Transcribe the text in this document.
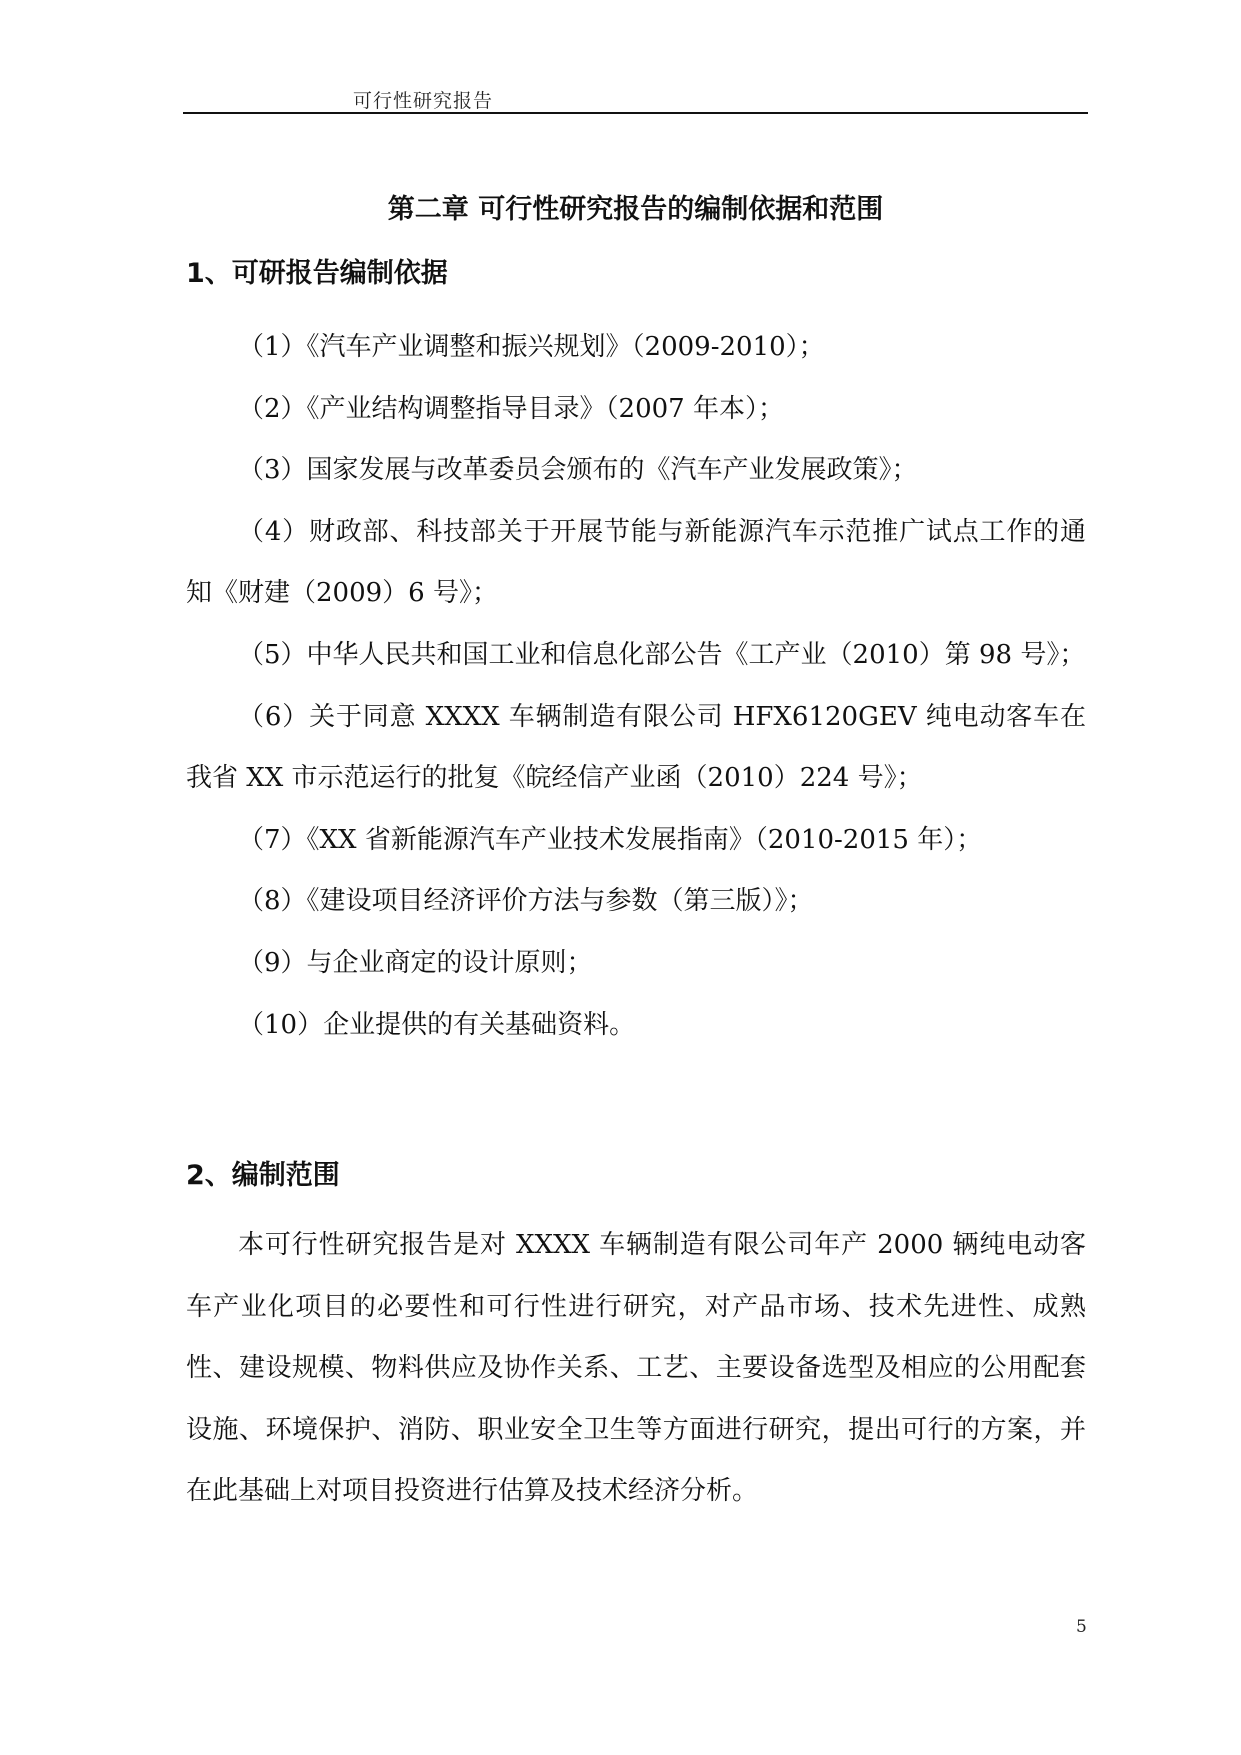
可行性研究报告
第二章 可行性研究报告的编制依据和范围
1、可研报告编制依据

（1）《汽车产业调整和振兴规划》（2009-2010）；

（2）《产业结构调整指导目录》（2007 年本）；

（3）国家发展与改革委员会颁布的《汽车产业发展政策》；

（4）财政部、科技部关于开展节能与新能源汽车示范推广试点工作的通知《财建（2009）6 号》；

（5）中华人民共和国工业和信息化部公告《工产业（2010）第 98 号》；

（6）关于同意 XXXX 车辆制造有限公司 HFX6120GEV 纯电动客车在我省 XX 市示范运行的批复《皖经信产业函（2010）224 号》；

（7）《XX 省新能源汽车产业技术发展指南》（2010-2015 年）；

（8）《建设项目经济评价方法与参数（第三版）》；

（9）与企业商定的设计原则；

（10）企业提供的有关基础资料。

2、编制范围

本可行性研究报告是对 XXXX 车辆制造有限公司年产 2000 辆纯电动客车产业化项目的必要性和可行性进行研究，对产品市场、技术先进性、成熟性、建设规模、物料供应及协作关系、工艺、主要设备选型及相应的公用配套设施、环境保护、消防、职业安全卫生等方面进行研究，提出可行的方案，并在此基础上对项目投资进行估算及技术经济分析。

5
